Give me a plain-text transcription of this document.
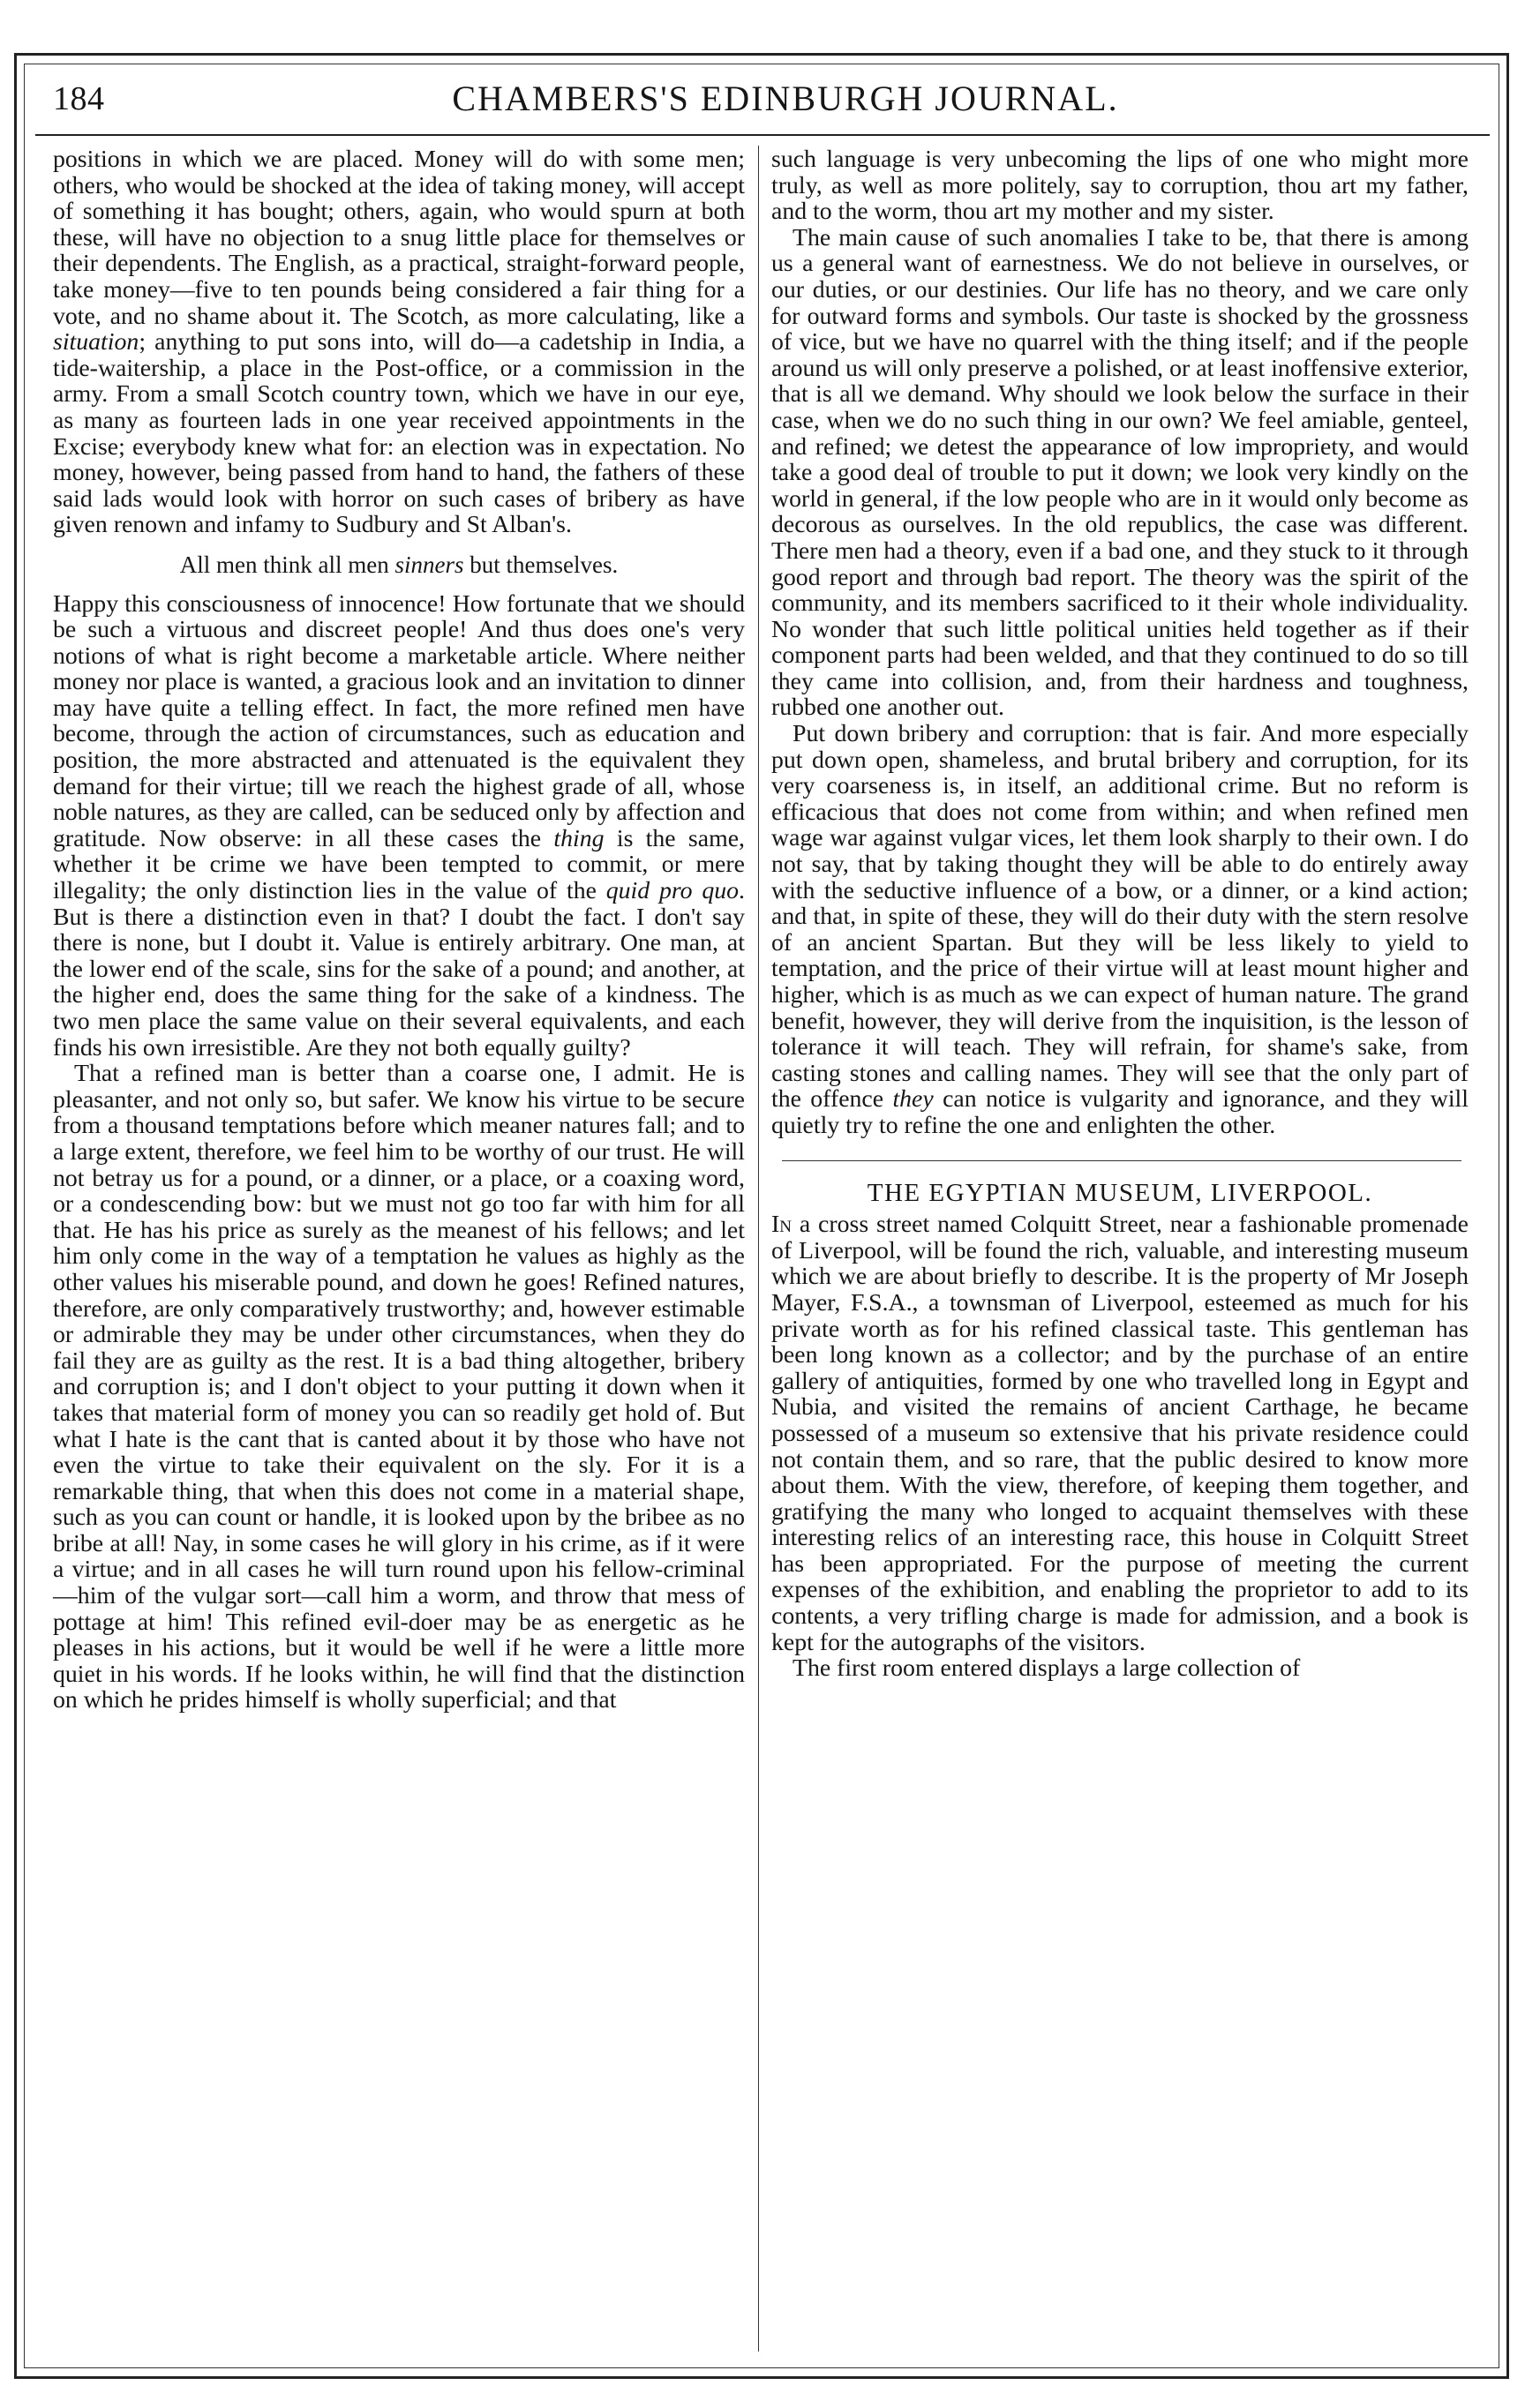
184	CHAMBERS'S EDINBURGH JOURNAL.

positions in which we are placed. Money will do with some men; others, who would be shocked at the idea of taking money, will accept of something it has bought; others, again, who would spurn at both these, will have no objection to a snug little place for themselves or their dependents. The English, as a practical, straight-forward people, take money—five to ten pounds being considered a fair thing for a vote, and no shame about it. The Scotch, as more calculating, like a situation; anything to put sons into, will do—a cadetship in India, a tide-waitership, a place in the Post-office, or a commission in the army. From a small Scotch country town, which we have in our eye, as many as fourteen lads in one year received appointments in the Excise; everybody knew what for: an election was in expectation. No money, however, being passed from hand to hand, the fathers of these said lads would look with horror on such cases of bribery as have given renown and infamy to Sudbury and St Alban's.

All men think all men sinners but themselves.

Happy this consciousness of innocence! How fortunate that we should be such a virtuous and discreet people! And thus does one's very notions of what is right become a marketable article. Where neither money nor place is wanted, a gracious look and an invitation to dinner may have quite a telling effect. In fact, the more refined men have become, through the action of circumstances, such as education and position, the more abstracted and attenuated is the equivalent they demand for their virtue; till we reach the highest grade of all, whose noble natures, as they are called, can be seduced only by affection and gratitude. Now observe: in all these cases the thing is the same, whether it be crime we have been tempted to commit, or mere illegality; the only distinction lies in the value of the quid pro quo. But is there a distinction even in that? I doubt the fact. I don't say there is none, but I doubt it. Value is entirely arbitrary. One man, at the lower end of the scale, sins for the sake of a pound; and another, at the higher end, does the same thing for the sake of a kindness. The two men place the same value on their several equivalents, and each finds his own irresistible. Are they not both equally guilty?

That a refined man is better than a coarse one, I admit. He is pleasanter, and not only so, but safer. We know his virtue to be secure from a thousand temptations before which meaner natures fall; and to a large extent, therefore, we feel him to be worthy of our trust. He will not betray us for a pound, or a dinner, or a place, or a coaxing word, or a condescending bow: but we must not go too far with him for all that. He has his price as surely as the meanest of his fellows; and let him only come in the way of a temptation he values as highly as the other values his miserable pound, and down he goes! Refined natures, therefore, are only comparatively trustworthy; and, however estimable or admirable they may be under other circumstances, when they do fail they are as guilty as the rest. It is a bad thing altogether, bribery and corruption is; and I don't object to your putting it down when it takes that material form of money you can so readily get hold of. But what I hate is the cant that is canted about it by those who have not even the virtue to take their equivalent on the sly. For it is a remarkable thing, that when this does not come in a material shape, such as you can count or handle, it is looked upon by the bribee as no bribe at all! Nay, in some cases he will glory in his crime, as if it were a virtue; and in all cases he will turn round upon his fellow-criminal—him of the vulgar sort—call him a worm, and throw that mess of pottage at him! This refined evil-doer may be as energetic as he pleases in his actions, but it would be well if he were a little more quiet in his words. If he looks within, he will find that the distinction on which he prides himself is wholly superficial; and that

such language is very unbecoming the lips of one who might more truly, as well as more politely, say to corruption, thou art my father, and to the worm, thou art my mother and my sister.

The main cause of such anomalies I take to be, that there is among us a general want of earnestness. We do not believe in ourselves, or our duties, or our destinies. Our life has no theory, and we care only for outward forms and symbols. Our taste is shocked by the grossness of vice, but we have no quarrel with the thing itself; and if the people around us will only preserve a polished, or at least inoffensive exterior, that is all we demand. Why should we look below the surface in their case, when we do no such thing in our own? We feel amiable, genteel, and refined; we detest the appearance of low impropriety, and would take a good deal of trouble to put it down; we look very kindly on the world in general, if the low people who are in it would only become as decorous as ourselves. In the old republics, the case was different. There men had a theory, even if a bad one, and they stuck to it through good report and through bad report. The theory was the spirit of the community, and its members sacrificed to it their whole individuality. No wonder that such little political unities held together as if their component parts had been welded, and that they continued to do so till they came into collision, and, from their hardness and toughness, rubbed one another out.

Put down bribery and corruption: that is fair. And more especially put down open, shameless, and brutal bribery and corruption, for its very coarseness is, in itself, an additional crime. But no reform is efficacious that does not come from within; and when refined men wage war against vulgar vices, let them look sharply to their own. I do not say, that by taking thought they will be able to do entirely away with the seductive influence of a bow, or a dinner, or a kind action; and that, in spite of these, they will do their duty with the stern resolve of an ancient Spartan. But they will be less likely to yield to temptation, and the price of their virtue will at least mount higher and higher, which is as much as we can expect of human nature. The grand benefit, however, they will derive from the inquisition, is the lesson of tolerance it will teach. They will refrain, for shame's sake, from casting stones and calling names. They will see that the only part of the offence they can notice is vulgarity and ignorance, and they will quietly try to refine the one and enlighten the other.

THE EGYPTIAN MUSEUM, LIVERPOOL.

In a cross street named Colquitt Street, near a fashionable promenade of Liverpool, will be found the rich, valuable, and interesting museum which we are about briefly to describe. It is the property of Mr Joseph Mayer, F.S.A., a townsman of Liverpool, esteemed as much for his private worth as for his refined classical taste. This gentleman has been long known as a collector; and by the purchase of an entire gallery of antiquities, formed by one who travelled long in Egypt and Nubia, and visited the remains of ancient Carthage, he became possessed of a museum so extensive that his private residence could not contain them, and so rare, that the public desired to know more about them. With the view, therefore, of keeping them together, and gratifying the many who longed to acquaint themselves with these interesting relics of an interesting race, this house in Colquitt Street has been appropriated. For the purpose of meeting the current expenses of the exhibition, and enabling the proprietor to add to its contents, a very trifling charge is made for admission, and a book is kept for the autographs of the visitors.

The first room entered displays a large collection of
